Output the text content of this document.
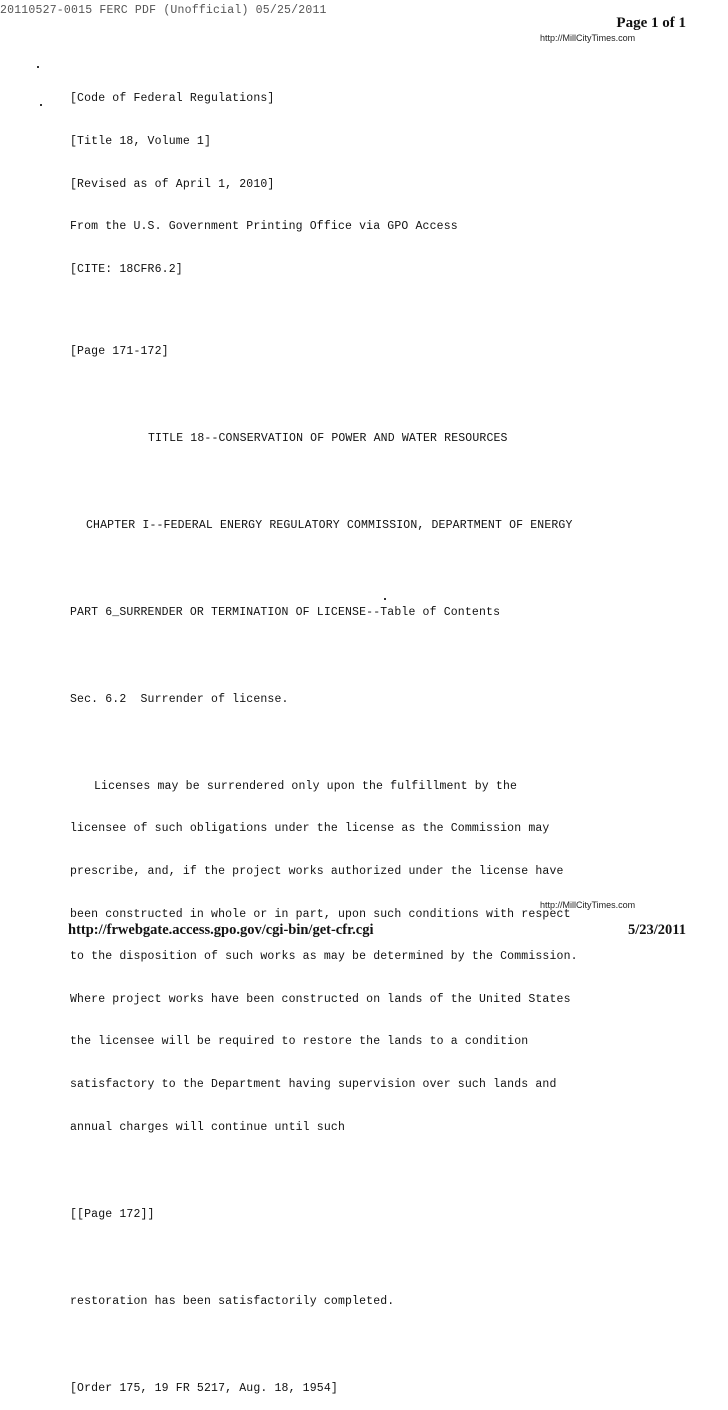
20110527-0015 FERC PDF (Unofficial) 05/25/2011
Page 1 of 1
http://MillCityTimes.com

[Code of Federal Regulations]

[Title 18, Volume 1]

[Revised as of April 1, 2010]

From the U.S. Government Printing Office via GPO Access

[CITE: 18CFR6.2]

[Page 171-172]

TITLE 18--CONSERVATION OF POWER AND WATER RESOURCES

CHAPTER I--FEDERAL ENERGY REGULATORY COMMISSION, DEPARTMENT OF ENERGY

PART 6_SURRENDER OR TERMINATION OF LICENSE--Table of Contents

Sec. 6.2  Surrender of license.

Licenses may be surrendered only upon the fulfillment by the

licensee of such obligations under the license as the Commission may

prescribe, and, if the project works authorized under the license have

been constructed in whole or in part, upon such conditions with respect

to the disposition of such works as may be determined by the Commission.

Where project works have been constructed on lands of the United States

the licensee will be required to restore the lands to a condition

satisfactory to the Department having supervision over such lands and

annual charges will continue until such

[[Page 172]]

restoration has been satisfactorily completed.

[Order 175, 19 FR 5217, Aug. 18, 1954]

http://MillCityTimes.com
http://frwebgate.access.gpo.gov/cgi-bin/get-cfr.cgi	5/23/2011
